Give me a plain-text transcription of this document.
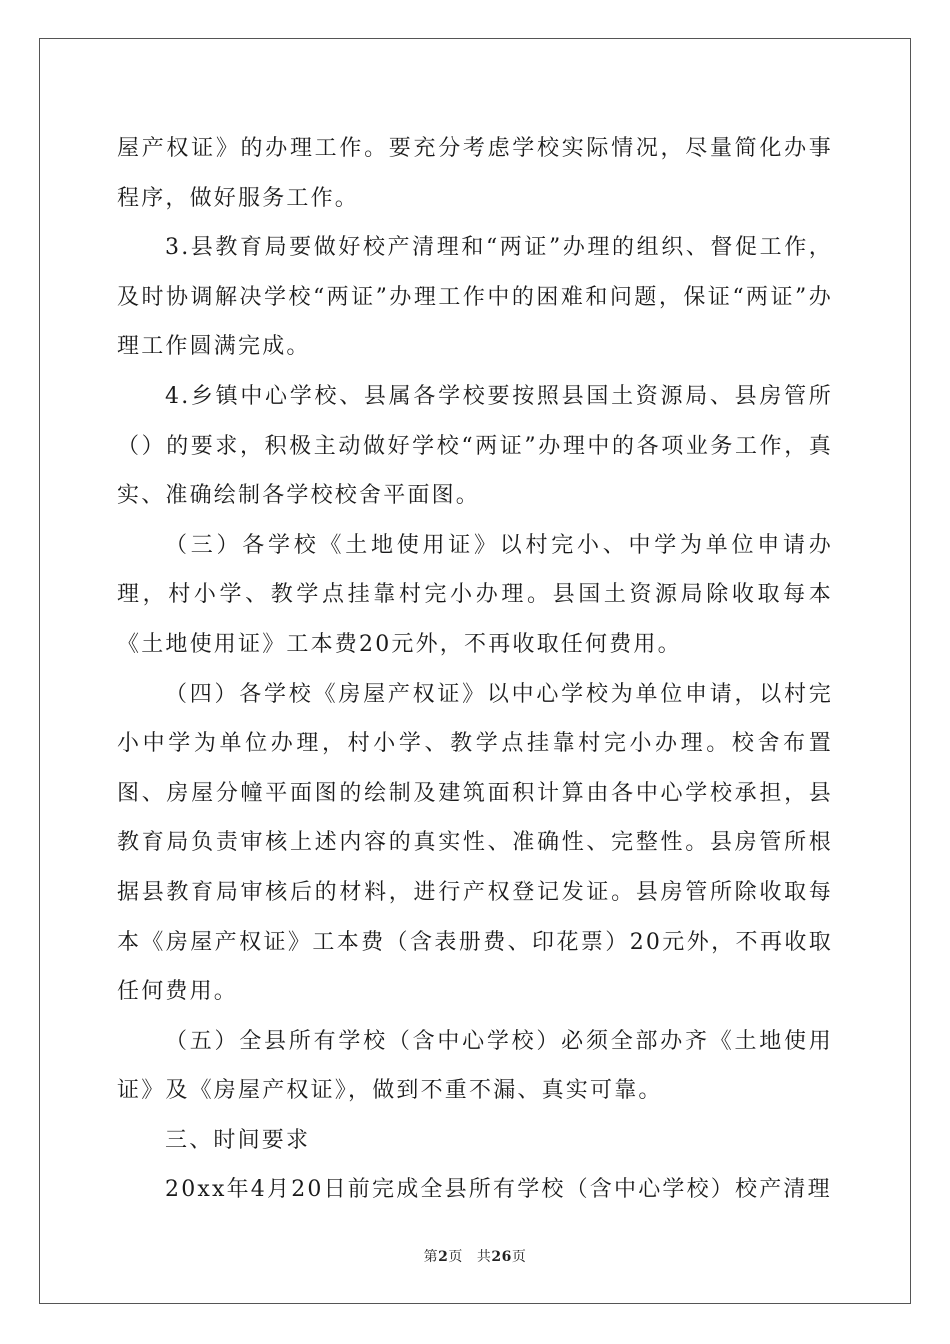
屋产权证》的办理工作。要充分考虑学校实际情况，尽量简化办事程序，做好服务工作。

3.县教育局要做好校产清理和“两证”办理的组织、督促工作，及时协调解决学校“两证”办理工作中的困难和问题，保证“两证”办理工作圆满完成。

4.乡镇中心学校、县属各学校要按照县国土资源局、县房管所（）的要求，积极主动做好学校“两证”办理中的各项业务工作，真实、准确绘制各学校校舍平面图。

（三）各学校《土地使用证》以村完小、中学为单位申请办理，村小学、教学点挂靠村完小办理。县国土资源局除收取每本《土地使用证》工本费20元外，不再收取任何费用。

（四）各学校《房屋产权证》以中心学校为单位申请，以村完小中学为单位办理，村小学、教学点挂靠村完小办理。校舍布置图、房屋分幢平面图的绘制及建筑面积计算由各中心学校承担，县教育局负责审核上述内容的真实性、准确性、完整性。县房管所根据县教育局审核后的材料，进行产权登记发证。县房管所除收取每本《房屋产权证》工本费（含表册费、印花票）20元外，不再收取任何费用。

（五）全县所有学校（含中心学校）必须全部办齐《土地使用证》及《房屋产权证》，做到不重不漏、真实可靠。

三、时间要求

20xx年4月20日前完成全县所有学校（含中心学校）校产清理

第2页 共26页
